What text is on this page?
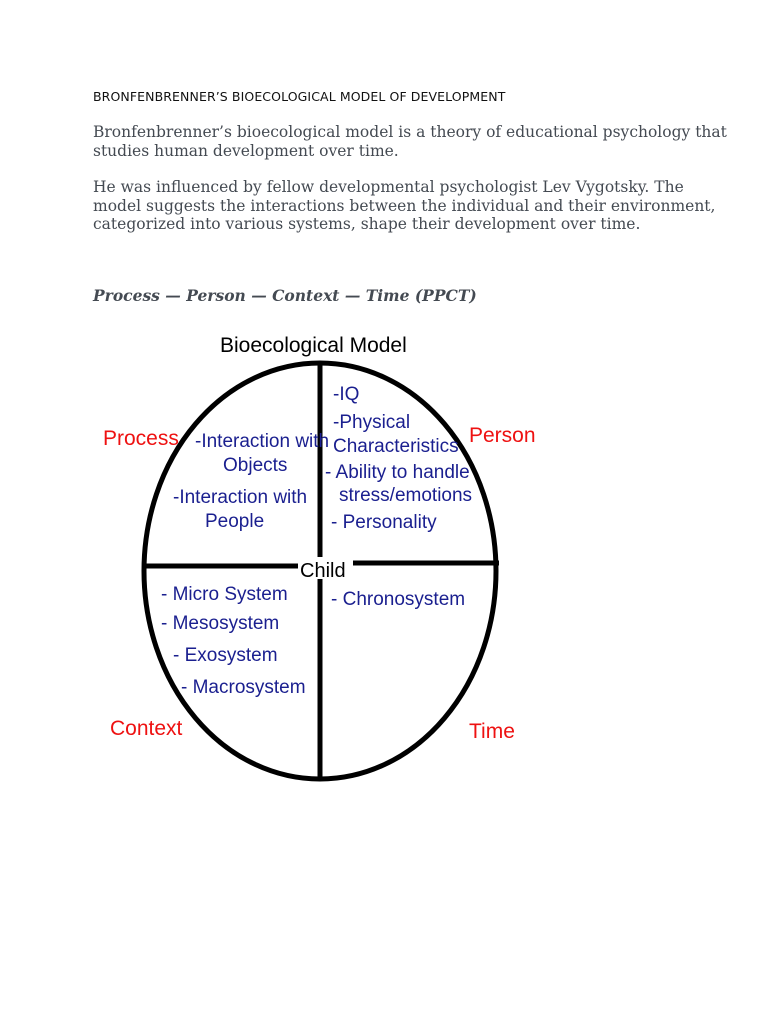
BRONFENBRENNER’S BIOECOLOGICAL MODEL OF DEVELOPMENT
Bronfenbrenner’s bioecological model is a theory of educational psychology that studies human development over time.
He was influenced by fellow developmental psychologist Lev Vygotsky. The model suggests the interactions between the individual and their environment, categorized into various systems, shape their development over time.
Process — Person — Context — Time (PPCT)
Bioecological Model
Child
Process	Person
Context	Time
-Interaction with
Objects
-Interaction with
People
-IQ
-Physical
Characteristics
- Ability to handle
stress/emotions
- Personality
- Micro System
- Mesosystem
- Exosystem
- Macrosystem
- Chronosystem
